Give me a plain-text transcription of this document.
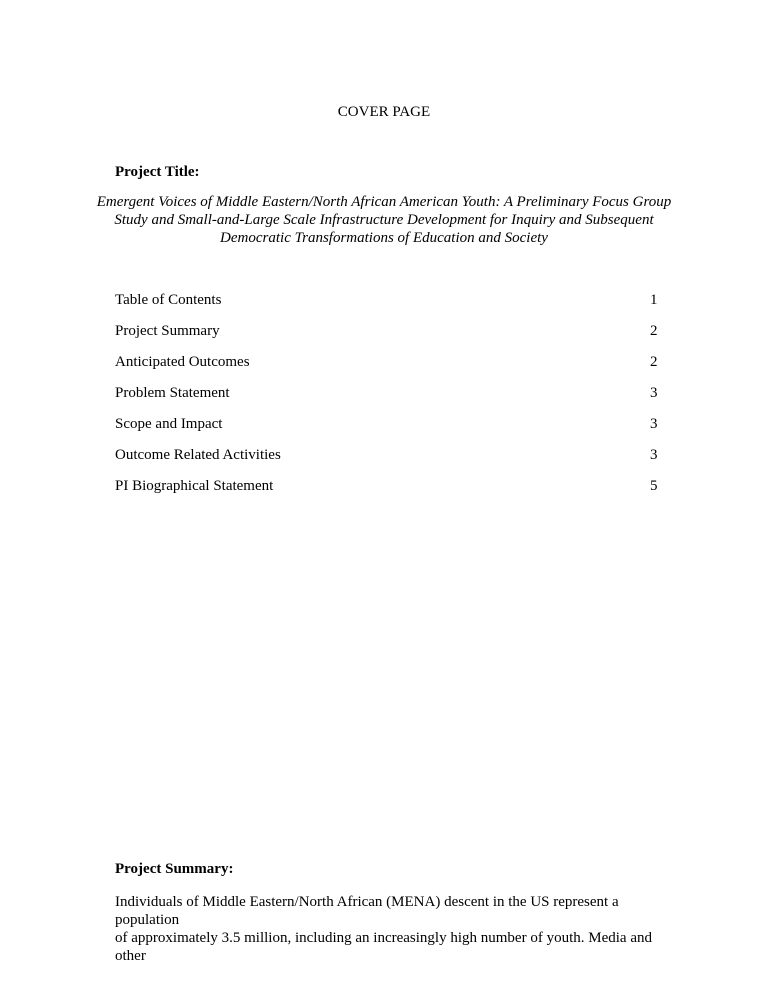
COVER PAGE
Project Title:
Emergent Voices of Middle Eastern/North African American Youth: A Preliminary Focus Group
Study and Small-and-Large Scale Infrastructure Development for Inquiry and Subsequent
Democratic Transformations of Education and Society
Table of Contents	1
Project Summary	2
Anticipated Outcomes	2
Problem Statement	3
Scope and Impact	3
Outcome Related Activities	3
PI Biographical Statement	5
Project Summary:
Individuals of Middle Eastern/North African (MENA) descent in the US represent a population
of approximately 3.5 million, including an increasingly high number of youth. Media and other
